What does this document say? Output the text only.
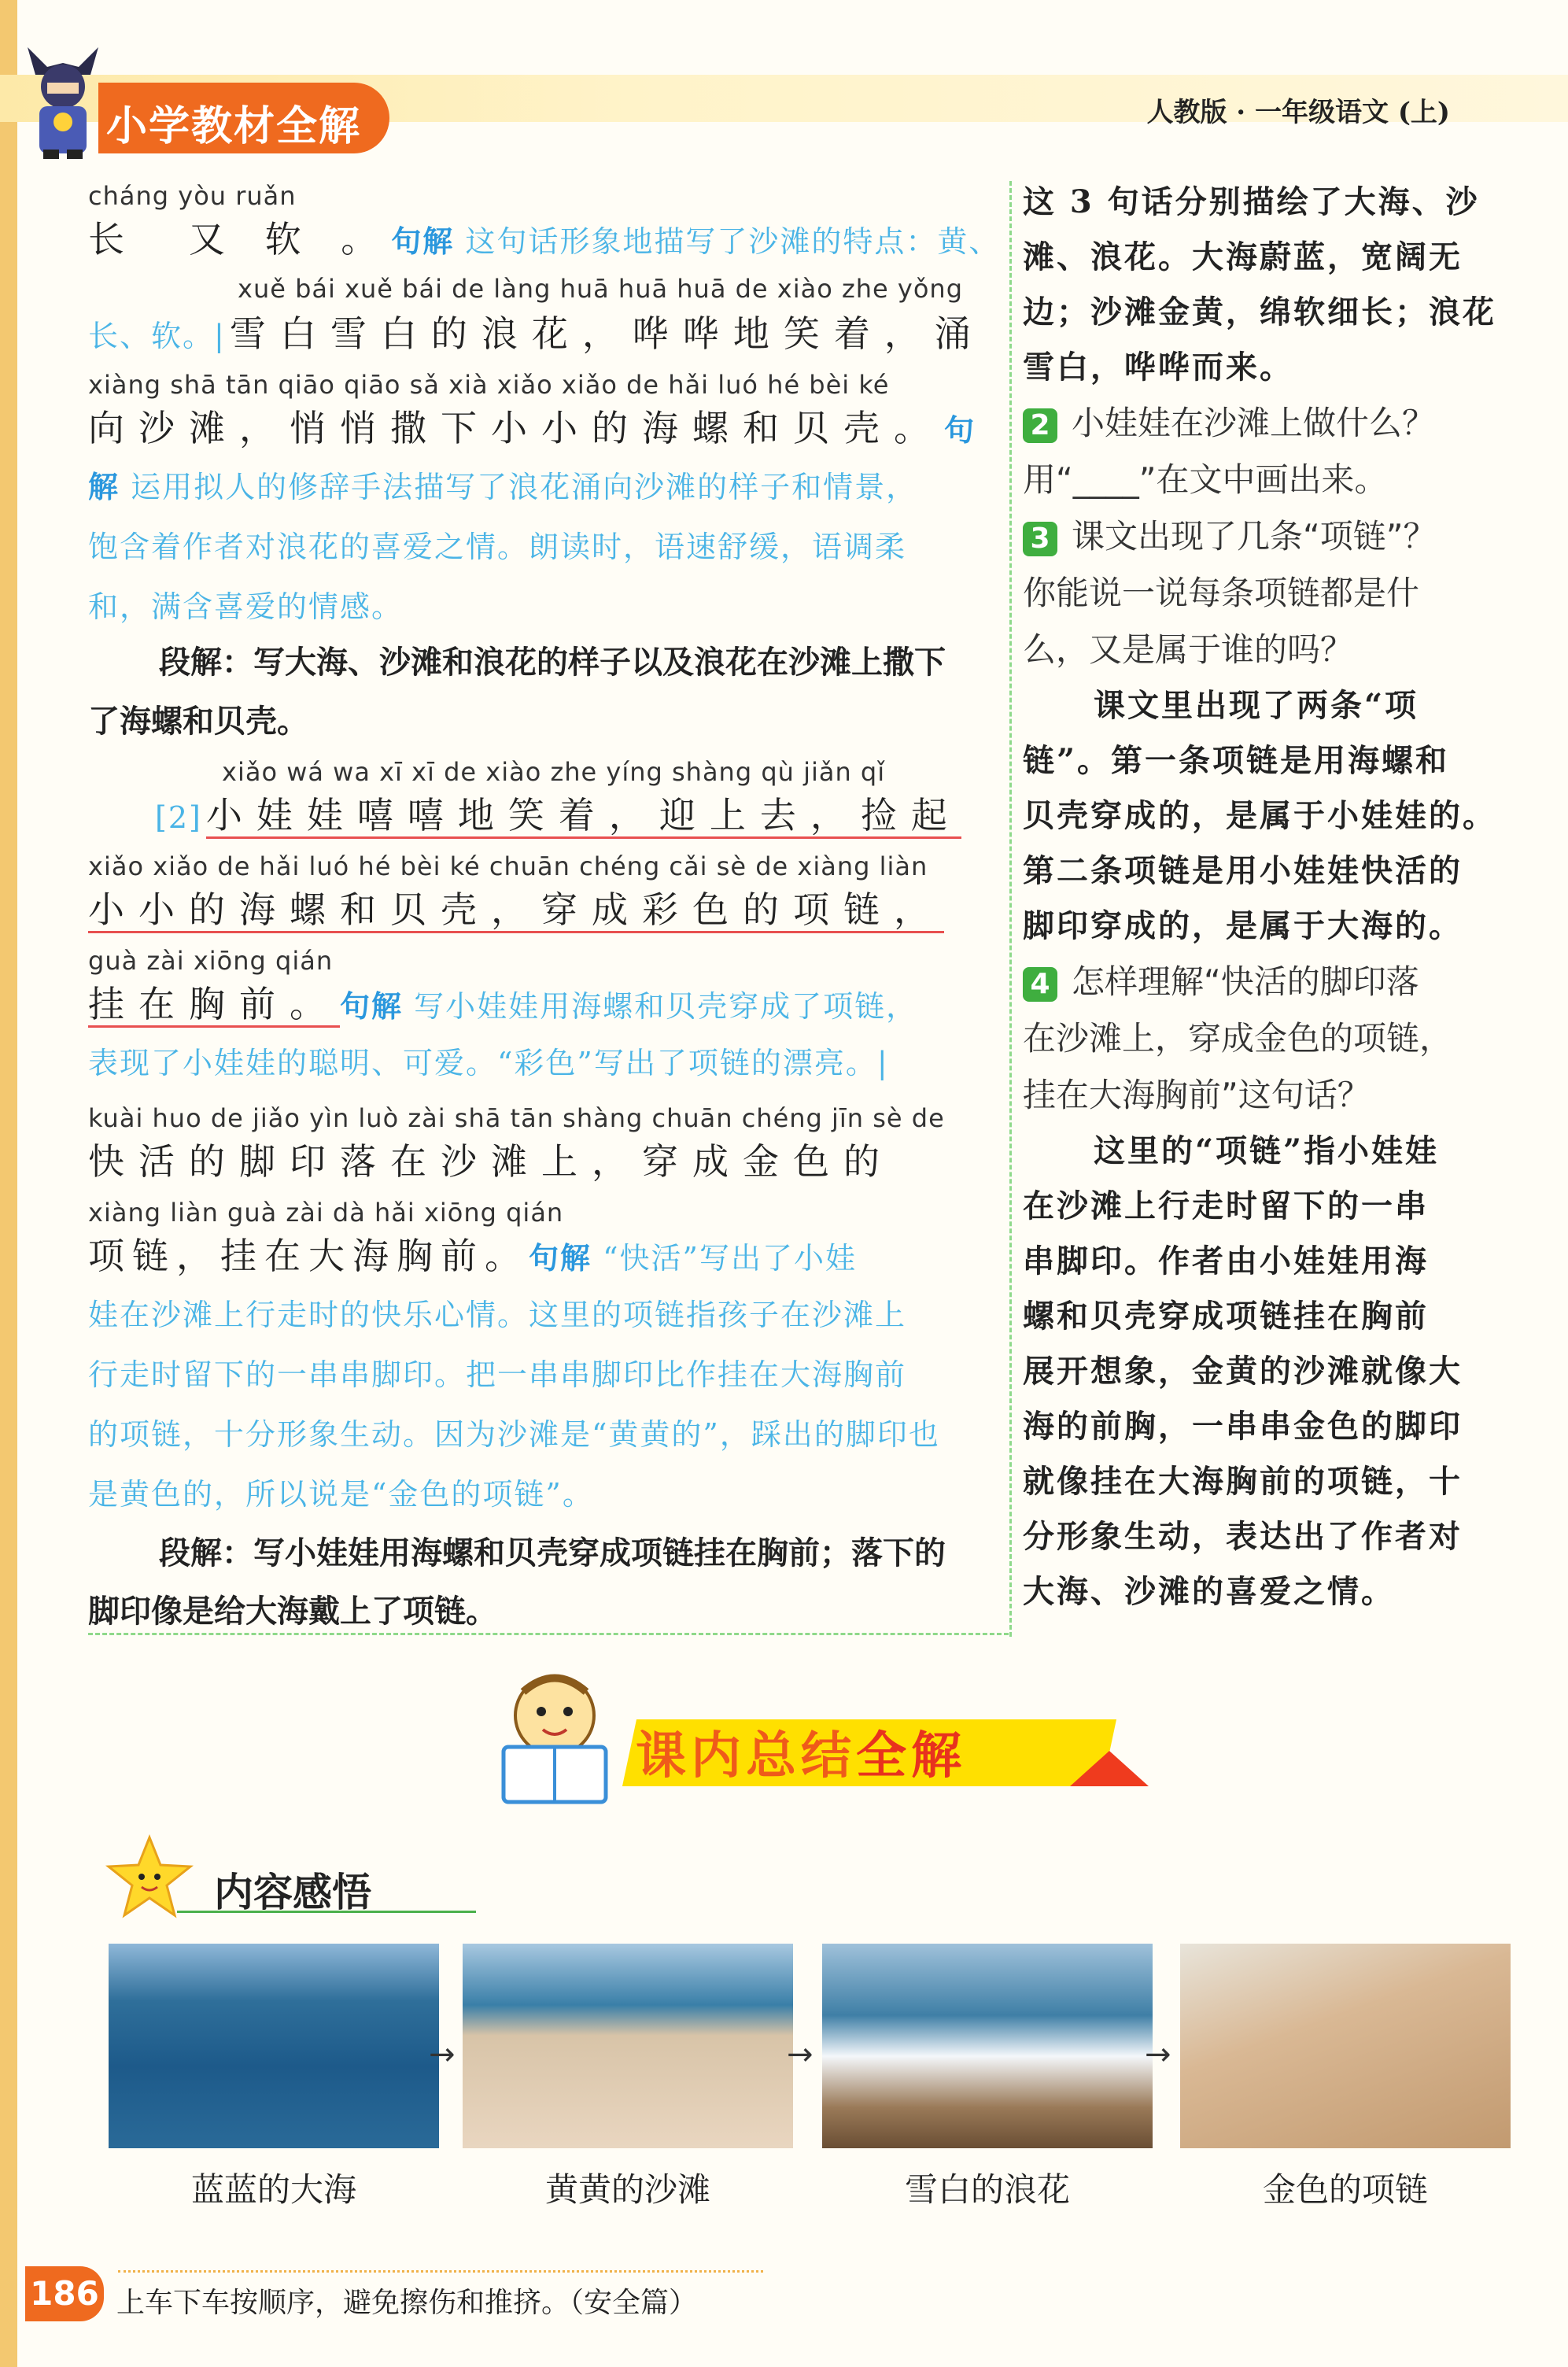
小学教材全解	人教版 · 一年级语文 (上)
cháng yòu ruǎn
长　又 软 。句解 这句话形象地描写了沙滩的特点：黄、
xuě bái xuě bái de làng huā huā huā de xiào zhe yǒng
长、软。| 雪白雪白的浪花，哗哗地笑着，涌
xiàng shā tān qiāo qiāo sǎ xià xiǎo xiǎo de hǎi luó hé bèi ké
向沙滩，悄悄撒下小小的海螺和贝壳。句
解 运用拟人的修辞手法描写了浪花涌向沙滩的样子和情景，
饱含着作者对浪花的喜爱之情。朗读时，语速舒缓，语调柔
和，满含喜爱的情感。
段解：写大海、沙滩和浪花的样子以及浪花在沙滩上撒下
了海螺和贝壳。
xiǎo wá wa xī xī de xiào zhe yíng shàng qù jiǎn qǐ
[2] 小娃娃嘻嘻地笑着，迎上去，捡起
xiǎo xiǎo de hǎi luó hé bèi ké chuān chéng cǎi sè de xiàng liàn
小小的海螺和贝壳，穿成彩色的项链，
guà zài xiōng qián
挂在胸前。句解 写小娃娃用海螺和贝壳穿成了项链，
表现了小娃娃的聪明、可爱。“彩色”写出了项链的漂亮。|
kuài huo de jiǎo yìn luò zài shā tān shàng chuān chéng jīn sè de
快活的脚印落在沙滩上，穿成金色的
xiàng liàn guà zài dà hǎi xiōng qián
项链，挂在大海胸前。句解 “快活”写出了小娃
娃在沙滩上行走时的快乐心情。这里的项链指孩子在沙滩上
行走时留下的一串串脚印。把一串串脚印比作挂在大海胸前
的项链，十分形象生动。因为沙滩是“黄黄的”，踩出的脚印也
是黄色的，所以说是“金色的项链”。
段解：写小娃娃用海螺和贝壳穿成项链挂在胸前；落下的
脚印像是给大海戴上了项链。
这 3 句话分别描绘了大海、沙
滩、浪花。大海蔚蓝，宽阔无
边；沙滩金黄，绵软细长；浪花
雪白，哗哗而来。
2 小娃娃在沙滩上做什么？
用“____”在文中画出来。
3 课文出现了几条“项链”？
你能说一说每条项链都是什
么，又是属于谁的吗？
课文里出现了两条“项
链”。第一条项链是用海螺和
贝壳穿成的，是属于小娃娃的。
第二条项链是用小娃娃快活的
脚印穿成的，是属于大海的。
4 怎样理解“快活的脚印落
在沙滩上，穿成金色的项链，
挂在大海胸前”这句话？
这里的“项链”指小娃娃
在沙滩上行走时留下的一串
串脚印。作者由小娃娃用海
螺和贝壳穿成项链挂在胸前
展开想象，金黄的沙滩就像大
海的前胸，一串串金色的脚印
就像挂在大海胸前的项链，十
分形象生动，表达出了作者对
大海、沙滩的喜爱之情。
课内总结全解
内容感悟
→	→	→
蓝蓝的大海	黄黄的沙滩	雪白的浪花	金色的项链
186 上车下车按顺序，避免擦伤和推挤。（安全篇）
